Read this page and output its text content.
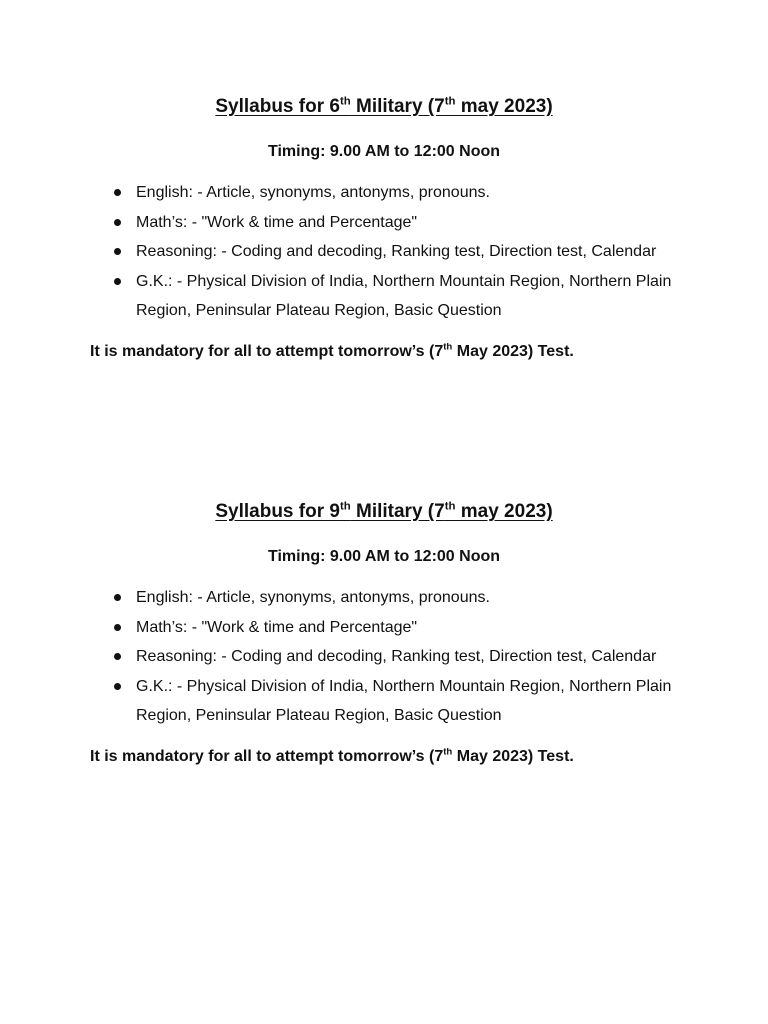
Syllabus for 6th Military (7th may 2023)

Timing: 9.00 AM to 12:00 Noon

English: - Article, synonyms, antonyms, pronouns.
Math’s: - "Work & time and Percentage"
Reasoning: - Coding and decoding, Ranking test, Direction test, Calendar
G.K.: - Physical Division of India, Northern Mountain Region, Northern Plain Region, Peninsular Plateau Region, Basic Question

It is mandatory for all to attempt tomorrow’s (7th May 2023) Test.

Syllabus for 9th Military (7th may 2023)

Timing: 9.00 AM to 12:00 Noon

English: - Article, synonyms, antonyms, pronouns.
Math’s: - "Work & time and Percentage"
Reasoning: - Coding and decoding, Ranking test, Direction test, Calendar
G.K.: - Physical Division of India, Northern Mountain Region, Northern Plain Region, Peninsular Plateau Region, Basic Question

It is mandatory for all to attempt tomorrow’s (7th May 2023) Test.
